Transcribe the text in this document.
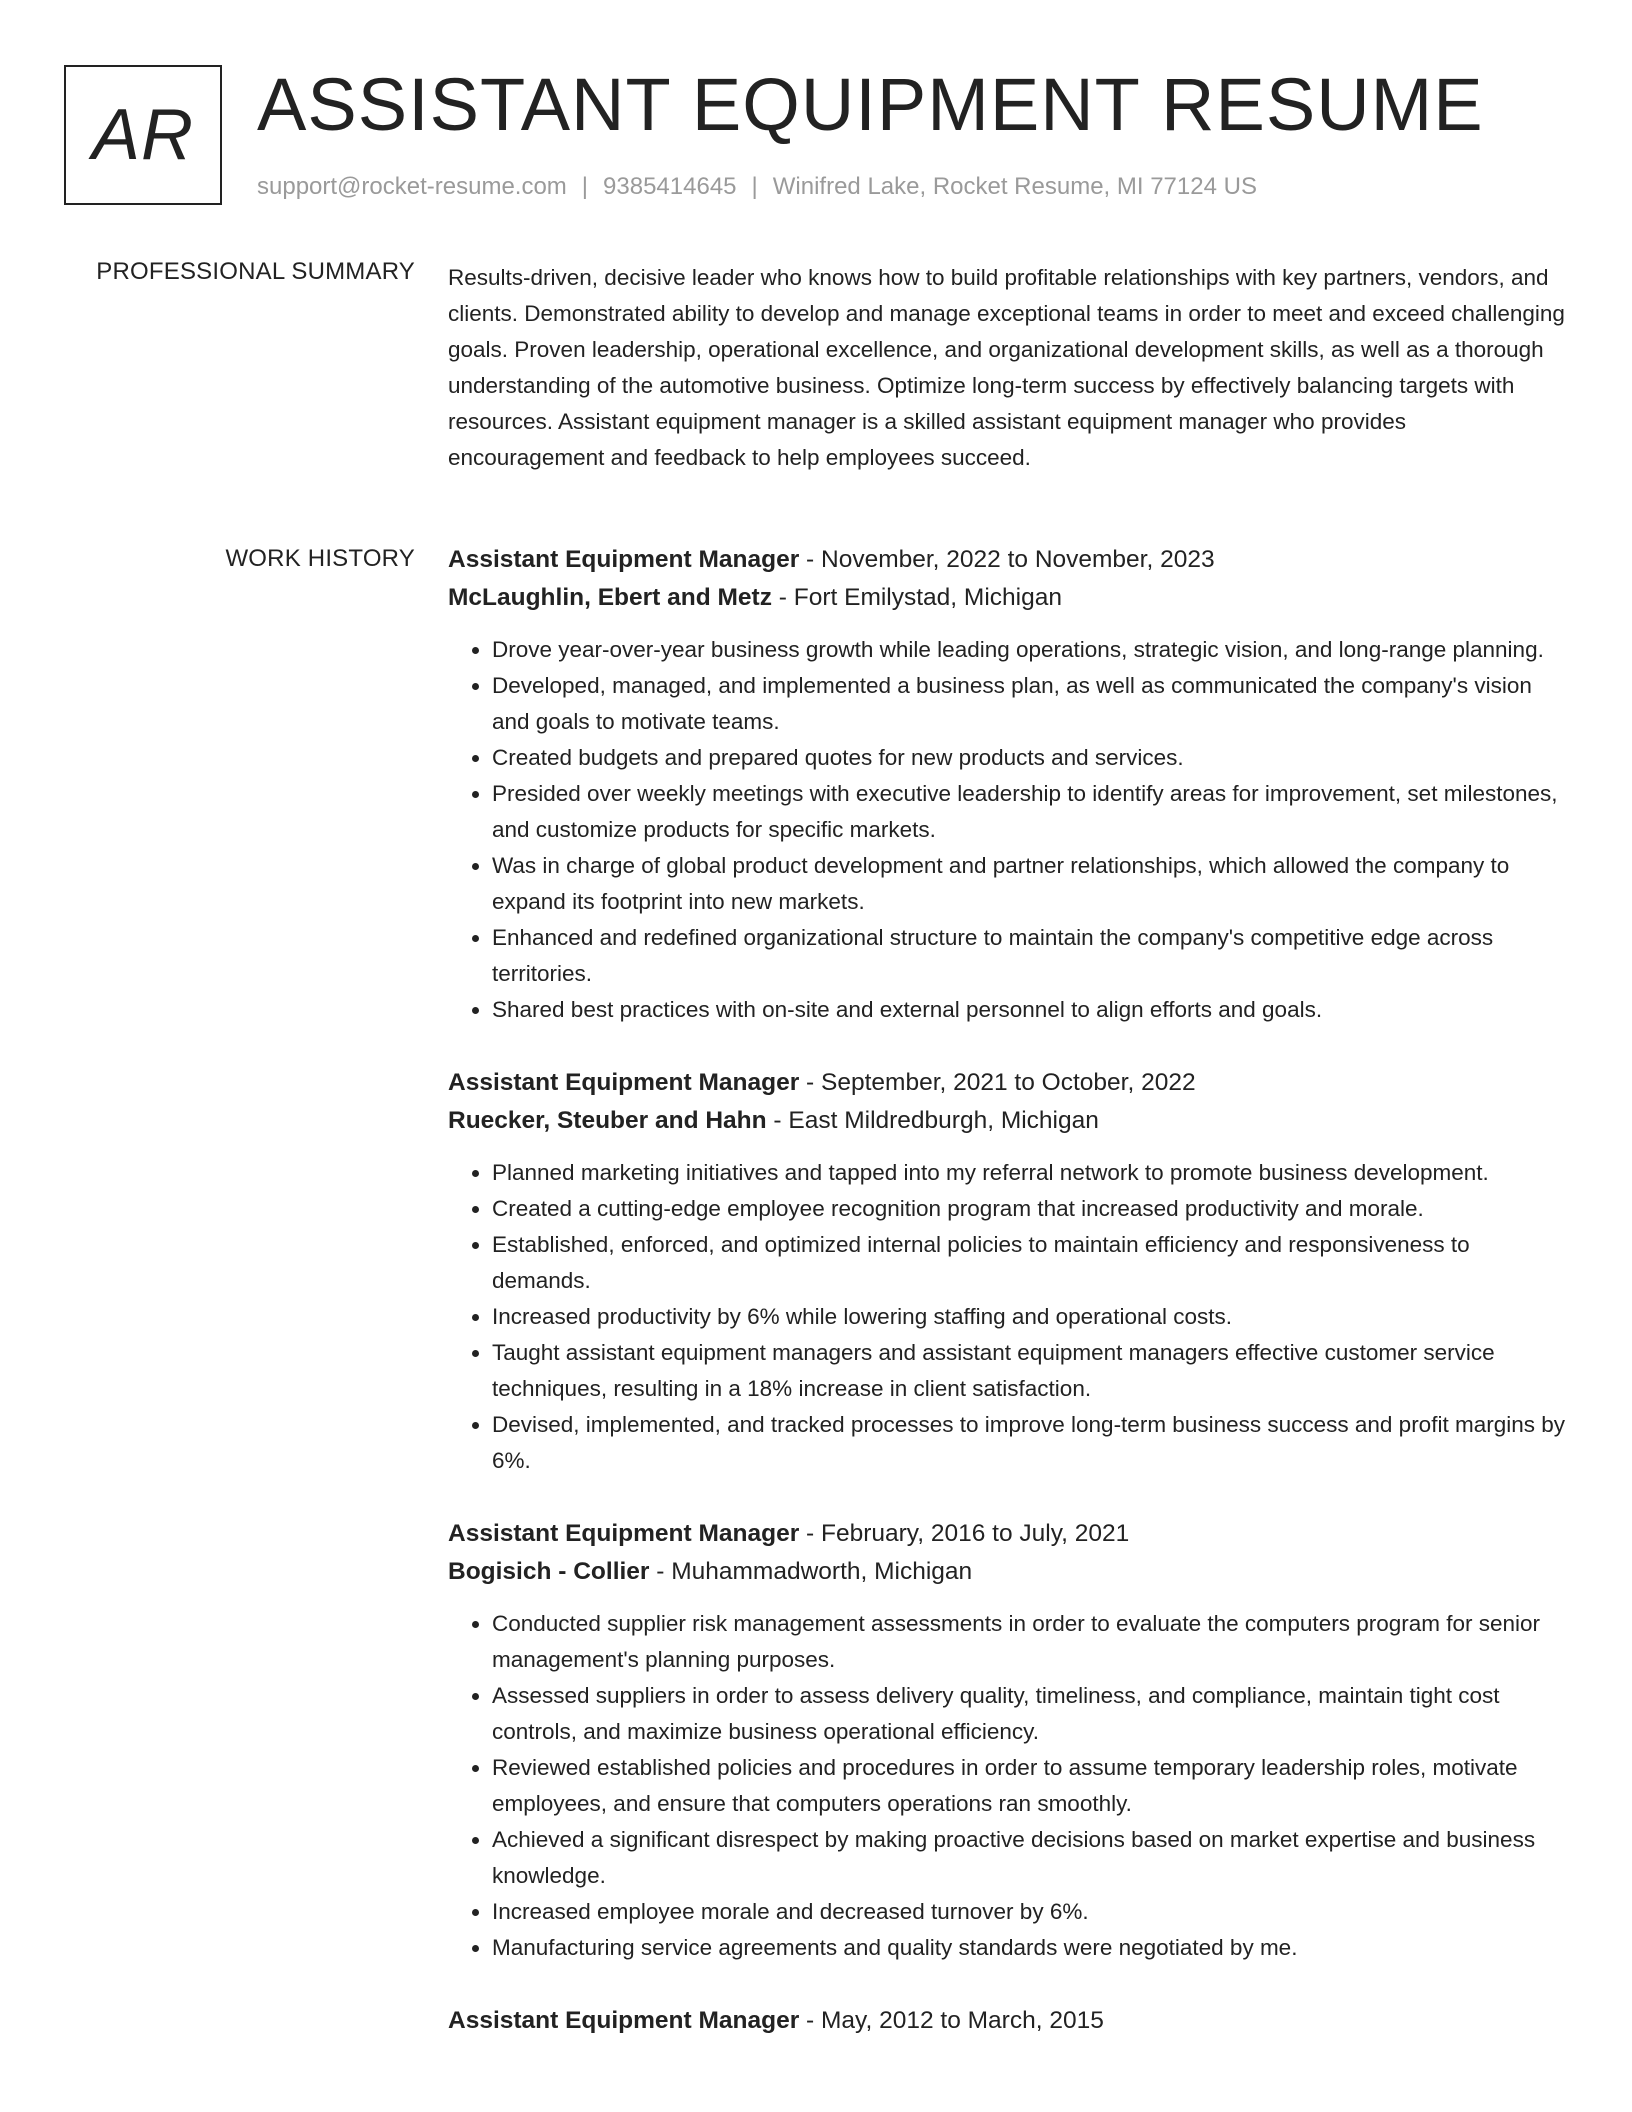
AR ASSISTANT EQUIPMENT RESUME
support@rocket-resume.com | 9385414645 | Winifred Lake, Rocket Resume, MI 77124 US
PROFESSIONAL SUMMARY Results-driven, decisive leader who knows how to build profitable relationships with key partners, vendors, and clients. Demonstrated ability to develop and manage exceptional teams in order to meet and exceed challenging goals. Proven leadership, operational excellence, and organizational development skills, as well as a thorough understanding of the automotive business. Optimize long-term success by effectively balancing targets with resources. Assistant equipment manager is a skilled assistant equipment manager who provides encouragement and feedback to help employees succeed.

WORK HISTORY Assistant Equipment Manager - November, 2022 to November, 2023
McLaughlin, Ebert and Metz - Fort Emilystad, Michigan
• Drove year-over-year business growth while leading operations, strategic vision, and long-range planning.
• Developed, managed, and implemented a business plan, as well as communicated the company's vision and goals to motivate teams.
• Created budgets and prepared quotes for new products and services.
• Presided over weekly meetings with executive leadership to identify areas for improvement, set milestones, and customize products for specific markets.
• Was in charge of global product development and partner relationships, which allowed the company to expand its footprint into new markets.
• Enhanced and redefined organizational structure to maintain the company's competitive edge across territories.
• Shared best practices with on-site and external personnel to align efforts and goals.
Assistant Equipment Manager - September, 2021 to October, 2022
Ruecker, Steuber and Hahn - East Mildredburgh, Michigan
• Planned marketing initiatives and tapped into my referral network to promote business development.
• Created a cutting-edge employee recognition program that increased productivity and morale.
• Established, enforced, and optimized internal policies to maintain efficiency and responsiveness to demands.
• Increased productivity by 6% while lowering staffing and operational costs.
• Taught assistant equipment managers and assistant equipment managers effective customer service techniques, resulting in a 18% increase in client satisfaction.
• Devised, implemented, and tracked processes to improve long-term business success and profit margins by 6%.
Assistant Equipment Manager - February, 2016 to July, 2021
Bogisich - Collier - Muhammadworth, Michigan
• Conducted supplier risk management assessments in order to evaluate the computers program for senior management's planning purposes.
• Assessed suppliers in order to assess delivery quality, timeliness, and compliance, maintain tight cost controls, and maximize business operational efficiency.
• Reviewed established policies and procedures in order to assume temporary leadership roles, motivate employees, and ensure that computers operations ran smoothly.
• Achieved a significant disrespect by making proactive decisions based on market expertise and business knowledge.
• Increased employee morale and decreased turnover by 6%.
• Manufacturing service agreements and quality standards were negotiated by me.
Assistant Equipment Manager - May, 2012 to March, 2015
